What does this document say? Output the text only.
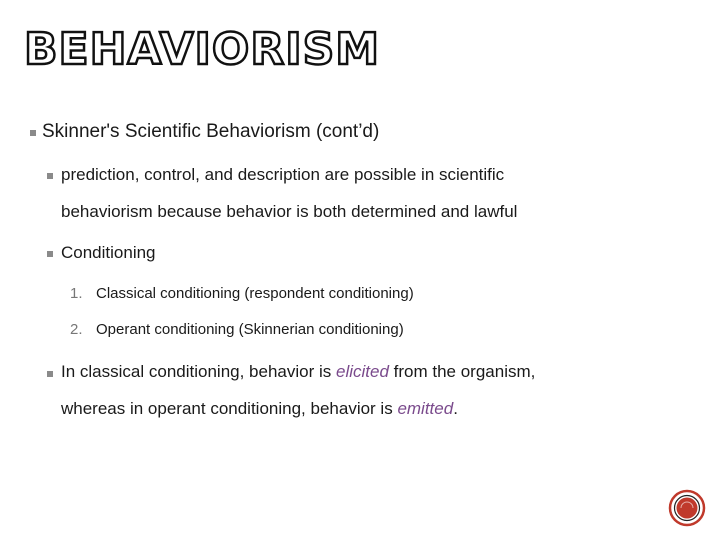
BEHAVIORISM
Skinner's Scientific Behaviorism (cont’d)
prediction, control, and description are possible in scientific
behaviorism because behavior is both determined and lawful
Conditioning
1. Classical conditioning (respondent conditioning)
2. Operant conditioning (Skinnerian conditioning)
In classical conditioning, behavior is elicited from the organism,
whereas in operant conditioning, behavior is emitted.
